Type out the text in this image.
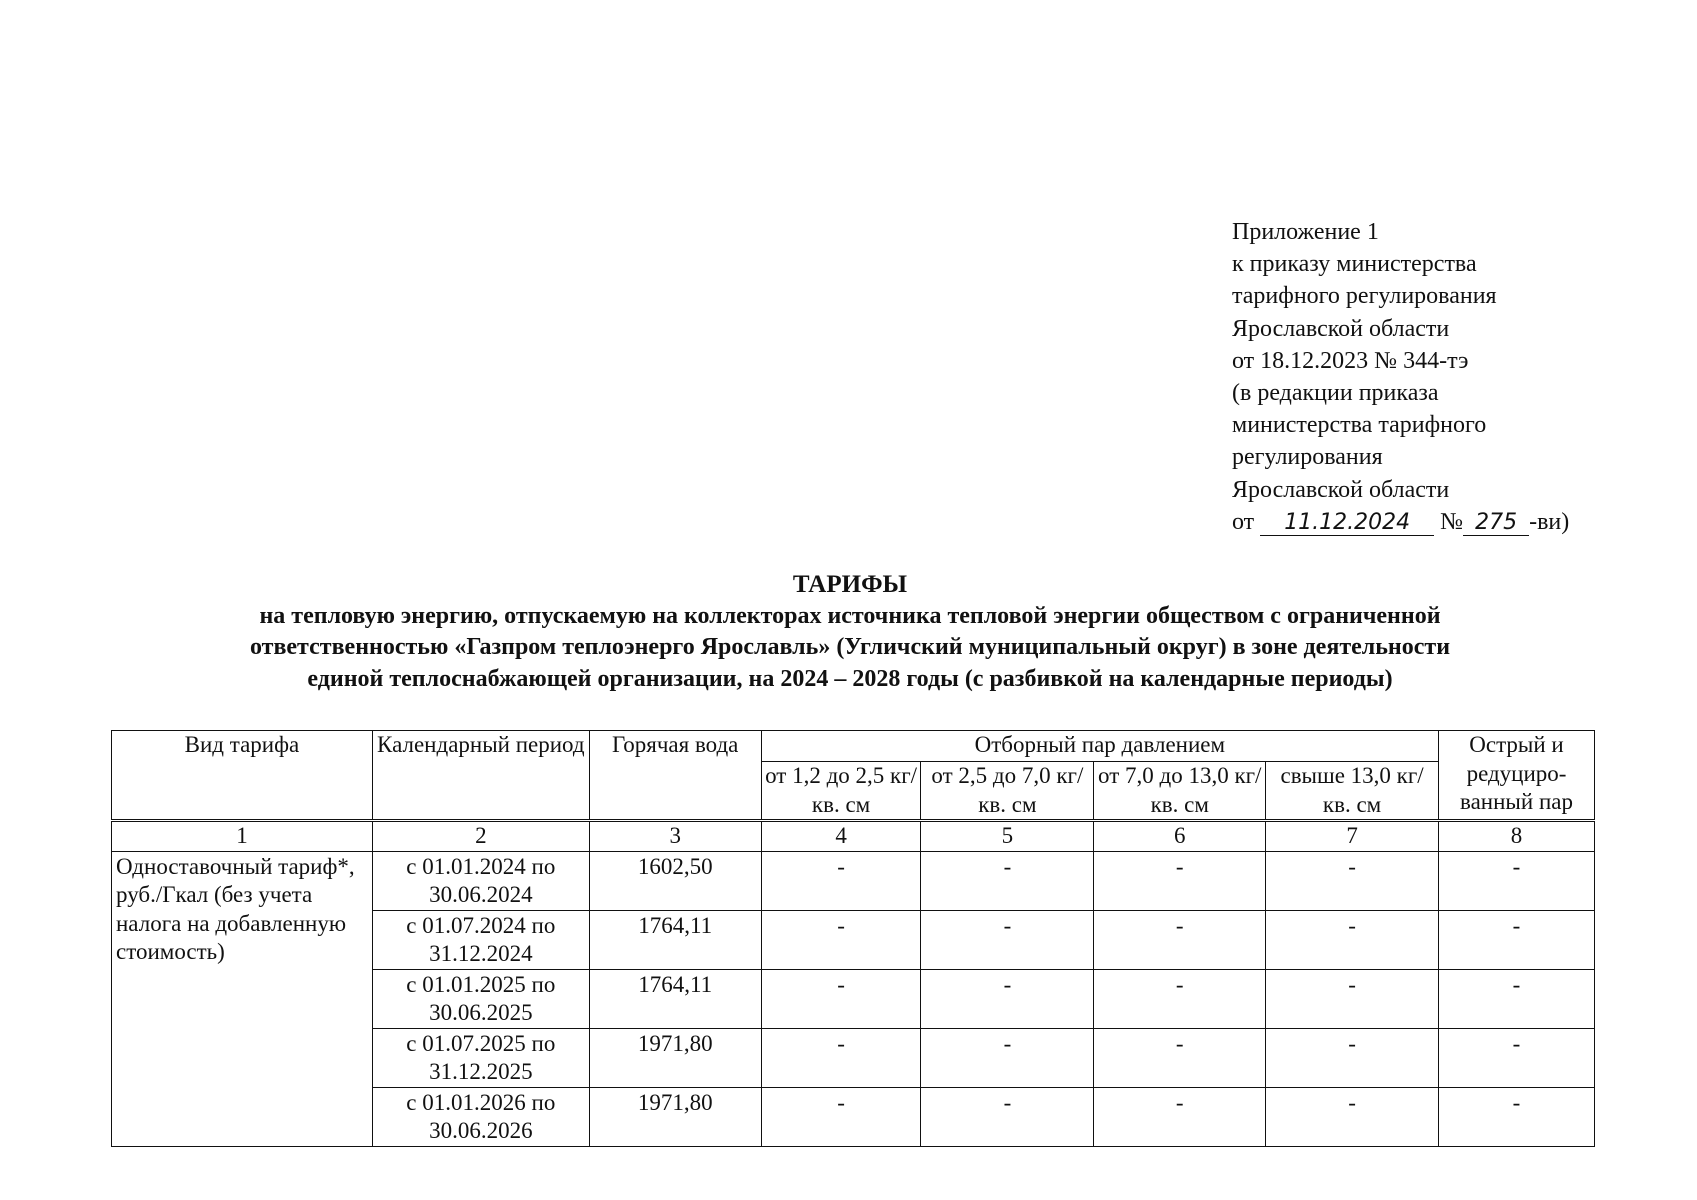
Приложение 1
к приказу министерства
тарифного регулирования
Ярославской области
от 18.12.2023 № 344-тэ
(в редакции приказа
министерства тарифного
регулирования
Ярославской области
от 11.12.2024 № 275 -ви)
ТАРИФЫ
на тепловую энергию, отпускаемую на коллекторах источника тепловой энергии обществом с ограниченной
ответственностью «Газпром теплоэнерго Ярославль» (Угличский муниципальный округ) в зоне деятельности
единой теплоснабжающей организации, на 2024 – 2028 годы (с разбивкой на календарные периоды)
Вид тарифа	Календарный период	Горячая вода	Отборный пар давлением				Острый и редуциро-ванный пар
			от 1,2 до 2,5 кг/ кв. см	от 2,5 до 7,0 кг/ кв. см	от 7,0 до 13,0 кг/ кв. см	свыше 13,0 кг/ кв. см	
1	2	3	4	5	6	7	8
Одноставочный тариф*, руб./Гкал (без учета налога на добавленную стоимость)	с 01.01.2024 по 30.06.2024	1602,50	-	-	-	-	-
	с 01.07.2024 по 31.12.2024	1764,11	-	-	-	-	-
	с 01.01.2025 по 30.06.2025	1764,11	-	-	-	-	-
	с 01.07.2025 по 31.12.2025	1971,80	-	-	-	-	-
	с 01.01.2026 по 30.06.2026	1971,80	-	-	-	-	-
